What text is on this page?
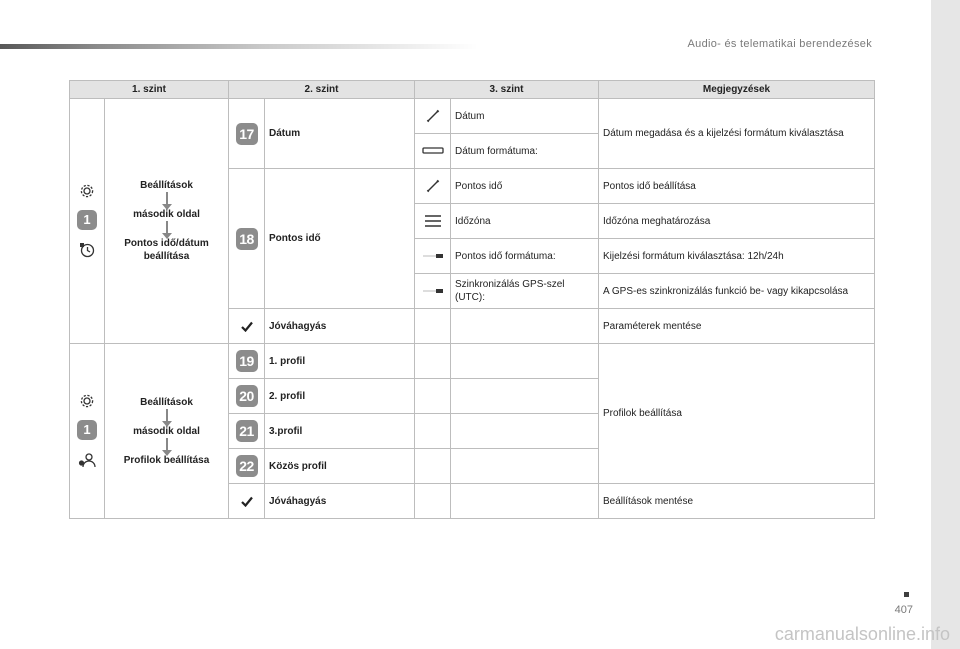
Audio- és telematikai berendezések
1. szint		2. szint		3. szint		Megjegyzések

1	Beállítások
második oldal
Pontos idő/dátum beállítása	17	Dátum		Dátum	Dátum megadása és a kijelzési formátum kiválasztása

	Dátum formátuma:	
		18	Pontos idő		Pontos idő	Pontos idő beállítása

	Időzóna	Időzóna meghatározása

	Pontos idő formátuma:	Kijelzési formátum kiválasztása: 12h/24h

	Szinkronizálás GPS-szel (UTC):	A GPS-es szinkronizálás funkció be- vagy kikapcsolása

	Jóváhagyás			Paraméterek mentése

1	Beállítások
második oldal
Profilok beállítása	19	1. profil			Profilok beállítása
		20	2. profil			
		21	3.profil			
		22	Közös profil			

	Jóváhagyás			Beállítások mentése
407
carmanualsonline.info
